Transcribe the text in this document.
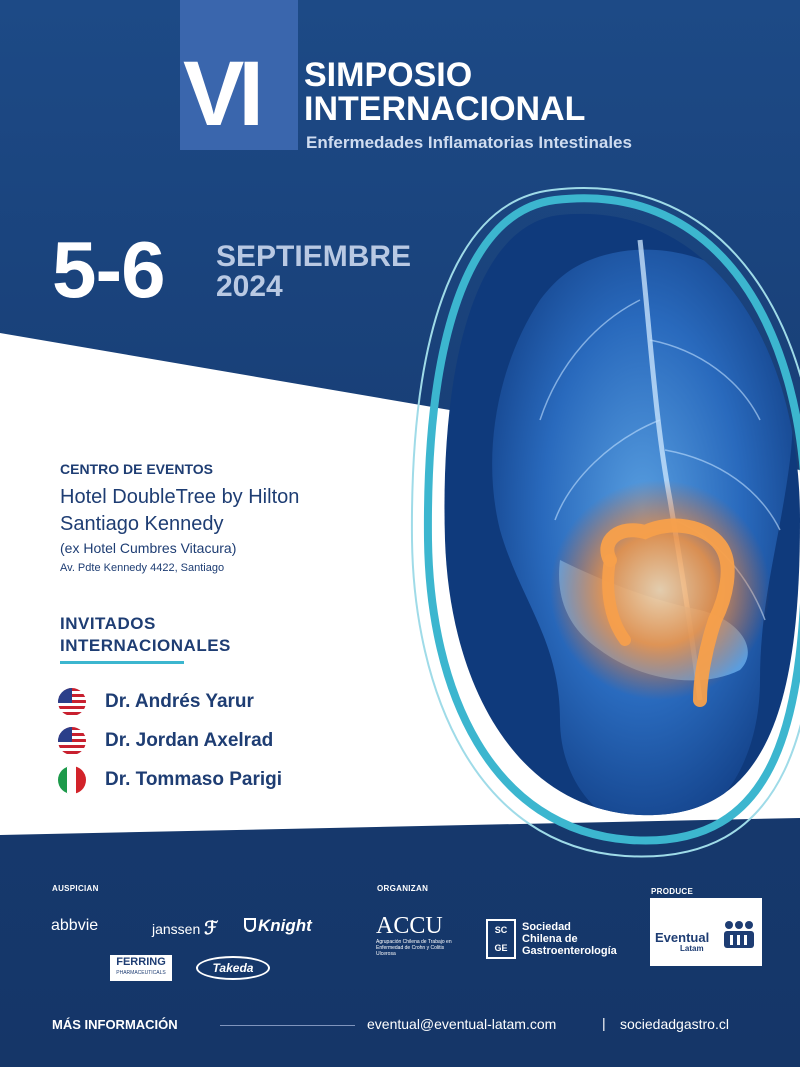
VI SIMPOSIO
INTERNACIONAL
Enfermedades Inflamatorias Intestinales
5-6 SEPTIEMBRE
2024
CENTRO DE EVENTOS
Hotel DoubleTree by Hilton
Santiago Kennedy
(ex Hotel Cumbres Vitacura)
Av. Pdte Kennedy 4422, Santiago
INVITADOS
INTERNACIONALES
Dr. Andrés Yarur
Dr. Jordan Axelrad
Dr. Tommaso Parigi
AUSPICIAN	ORGANIZAN	PRODUCE
abbvie	janssen ℱ	Knight
FERRING
PHARMACEUTICALS	Takeda
ACCU
Agrupación Chilena de Trabajo en Enfermedad de Crohn y Colitis Ulcerosa
SC
GE
Sociedad
Chilena de
Gastroenterología
Eventual
Latam
MÁS INFORMACIÓN	eventual@eventual-latam.com	| sociedadgastro.cl
